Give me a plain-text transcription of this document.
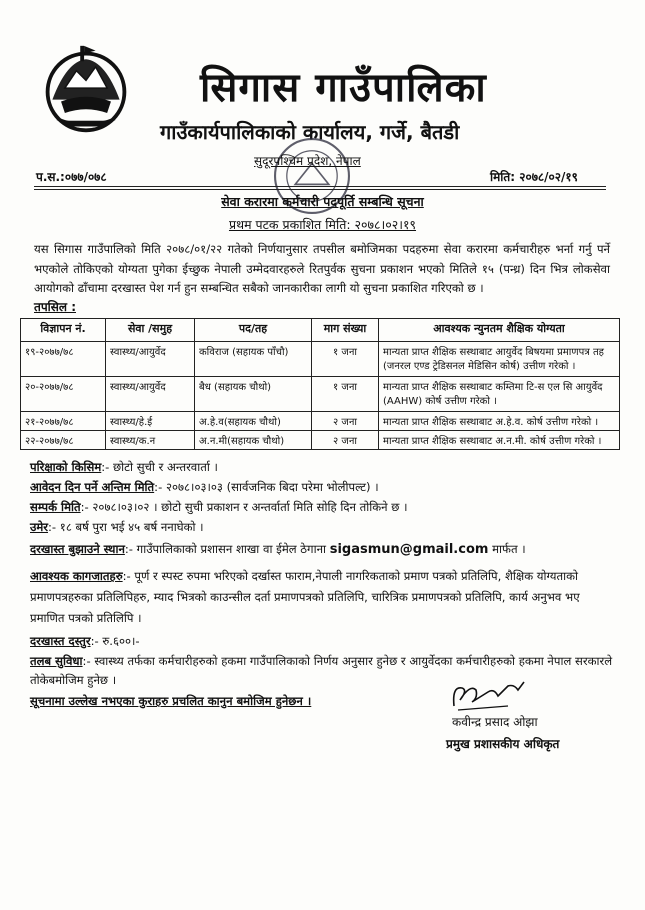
सिगास गाउँपालिका
गाउँकार्यपालिकाको कार्यालय, गर्जे, बैतडी
सुदूरपश्चिम प्रदेश, नेपाल
प.स.:०७७/०७८	मिति: २०७८/०२/१९
सेवा करारमा कर्मचारी पदपूर्ति सम्बन्धि सूचना
प्रथम पटक प्रकाशित मिति: २०७८।०२।१९
यस सिगास गाउँपालिको मिति २०७८/०१/२२ गतेको निर्णयानुसार तपसील बमोजिमका पदहरुमा सेवा करारमा कर्मचारीहरु भर्ना गर्नु पर्ने भएकोले तोकिएको योग्यता पुगेका ईच्छुक नेपाली उम्मेदवारहरुले रितपुर्वक सुचना प्रकाशन भएको मितिले १५ (पन्ध्र) दिन भित्र लोकसेवा आयोगको ढाँचामा दरखास्त पेश गर्न हुन सम्बन्धित सबैको जानकारीका लागी यो सुचना प्रकाशित गरिएको छ ।
तपसिल :
विज्ञापन नं.	सेवा /समुह	पद/तह	माग संख्या	आवश्यक न्युनतम शैक्षिक योग्यता
१९-२०७७/७८	स्वास्थ्य/आयुर्वेद	कविराज (सहायक पाँचौ)	१ जना	मान्यता प्राप्त शैक्षिक सस्थाबाट आयुर्वेद बिषयमा प्रमाणपत्र तह (जनरल एण्ड ट्रेडिसनल मेडिसिन कोर्ष) उत्तीण गरेको ।
२०-२०७७/७८	स्वास्थ्य/आयुर्वेद	बैध (सहायक चौथो)	१ जना	मान्यता प्राप्त शैक्षिक सस्थाबाट कम्तिमा टि-स एल सि आयुर्वेद (AAHW) कोर्ष उत्तीण गरेको ।
२१-२०७७/७८	स्वास्थ्य/हे.ई	अ.हे.व(सहायक चौथो)	२ जना	मान्यता प्राप्त शैक्षिक सस्थाबाट अ.हे.व. कोर्ष उत्तीण गरेको ।
२२-२०७७/७८	स्वास्थ्य/क.न	अ.न.मी(सहायक चौथो)	२ जना	मान्यता प्राप्त शैक्षिक सस्थाबाट अ.न.मी. कोर्ष उत्तीण गरेको ।
परिक्षाको किसिम:- छोटो सुची र अन्तरवार्ता ।
आवेदन दिन पर्ने अन्तिम मिति:- २०७८।०३।०३ (सार्वजनिक बिदा परेमा भोलीपल्ट) ।
सम्पर्क मिति:- २०७८।०३।०२ । छोटो सुची प्रकाशन र अन्तर्वार्ता मिति सोहि दिन तोकिने छ ।
उमेर:- १८ बर्ष पुरा भई ४५ बर्ष ननाघेको ।
दरखास्त बुझाउने स्थान:- गाउँपालिकाको प्रशासन शाखा वा ईमेल ठेगाना sigasmun@gmail.com मार्फत ।
आवश्यक कागजातहरु:- पूर्ण र स्पस्ट रुपमा भरिएको दर्खास्त फाराम,नेपाली नागरिकताको प्रमाण पत्रको प्रतिलिपि, शैक्षिक योग्यताको प्रमाणपत्रहरुका प्रतिलिपिहरु, म्याद भित्रको काउन्सील दर्ता प्रमाणपत्रको प्रतिलिपि, चारित्रिक प्रमाणपत्रको प्रतिलिपि, कार्य अनुभव भए प्रमाणित पत्रको प्रतिलिपि ।
दरखास्त दस्तुर:- रु.६००।-
तलब सुविधा:- स्वास्थ्य तर्फका कर्मचारीहरुको हकमा गाउँपालिकाको निर्णय अनुसार हुनेछ र आयुर्वेदका कर्मचारीहरुको हकमा नेपाल सरकारले तोकेबमोजिम हुनेछ ।
सूचनामा उल्लेख नभएका कुराहरु प्रचलित कानुन बमोजिम हुनेछन ।
कवीन्द्र प्रसाद ओझा
प्रमुख प्रशासकीय अधिकृत
